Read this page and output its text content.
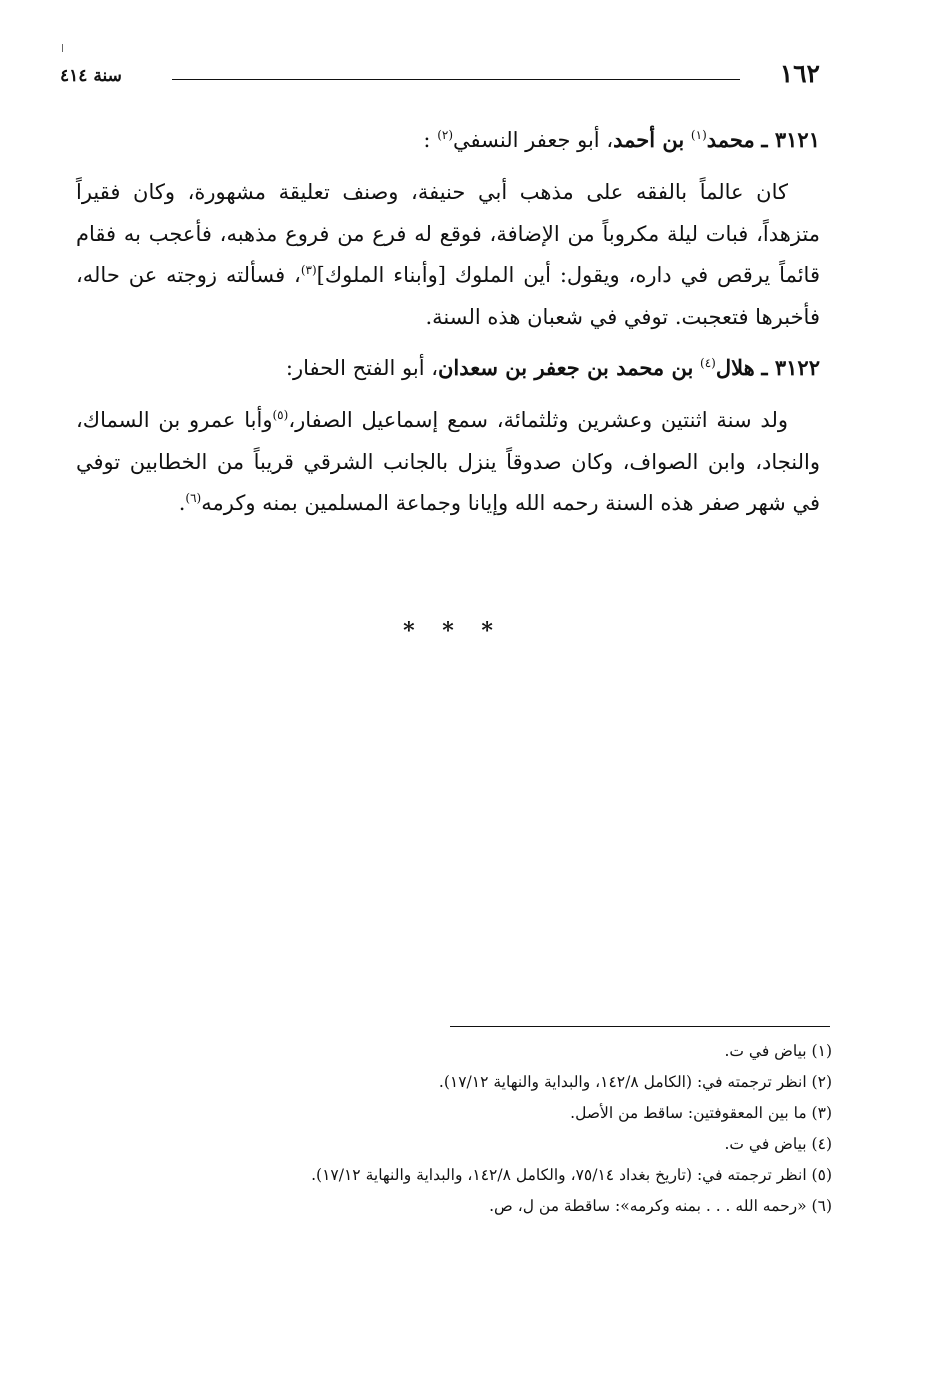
١٦٢
سنة ٤١٤

٣١٢١ ـ محمد$^{(١)}$ بن أحمد، أبو جعفر النسفي$^{(٢)}$ :

كان عالماً بالفقه على مذهب أبي حنيفة، وصنف تعليقة مشهورة، وكان فقيراً متزهداً، فبات ليلة مكروباً من الإضافة، فوقع له فرع من فروع مذهبه، فأعجب به فقام قائماً يرقص في داره، ويقول: أين الملوك [وأبناء الملوك]$^{(٣)}$، فسألته زوجته عن حاله، فأخبرها فتعجبت. توفي في شعبان هذه السنة.

٣١٢٢ ـ هلال$^{(٤)}$ بن محمد بن جعفر بن سعدان، أبو الفتح الحفار:

ولد سنة اثنتين وعشرين وثلثمائة، سمع إسماعيل الصفار،$^{(٥)}$وأبا عمرو بن السماك، والنجاد، وابن الصواف، وكان صدوقاً ينزل بالجانب الشرقي قريباً من الخطابين توفي في شهر صفر هذه السنة رحمه الله وإيانا وجماعة المسلمين بمنه وكرمه$^{(٦)}$.

* * *
(١) بياض في ت.
(٢) انظر ترجمته في: (الكامل ١٤٢/٨، والبداية والنهاية ١٧/١٢).
(٣) ما بين المعقوفتين: ساقط من الأصل.
(٤) بياض في ت.
(٥) انظر ترجمته في: (تاريخ بغداد ٧٥/١٤، والكامل ١٤٢/٨، والبداية والنهاية ١٧/١٢).
(٦) «رحمه الله . . . بمنه وكرمه»: ساقطة من ل، ص.
